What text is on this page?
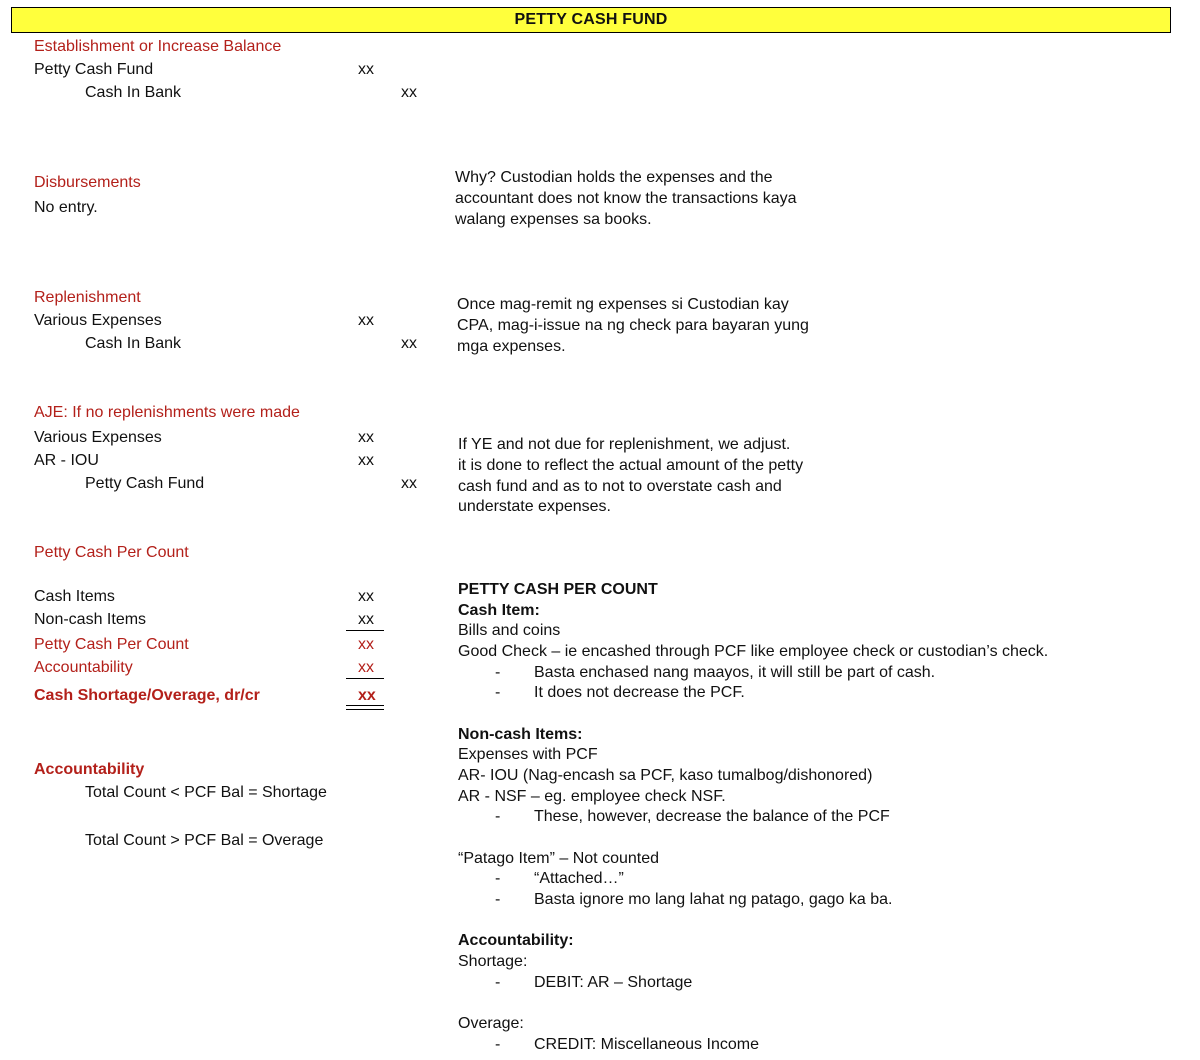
PETTY CASH FUND
Establishment or Increase Balance
Petty Cash Fund	xx
Cash In Bank	xx
Disbursements
No entry.
Why? Custodian holds the expenses and the
accountant does not know the transactions kaya
walang expenses sa books.
Replenishment
Various Expenses	xx
Cash In Bank	xx
Once mag-remit ng expenses si Custodian kay
CPA, mag-i-issue na ng check para bayaran yung
mga expenses.
AJE: If no replenishments were made
Various Expenses	xx
AR - IOU	xx
Petty Cash Fund	xx
If YE and not due for replenishment, we adjust.
it is done to reflect the actual amount of the petty
cash fund and as to not to overstate cash and
understate expenses.
Petty Cash Per Count
Cash Items	xx
Non-cash Items	xx
Petty Cash Per Count	xx
Accountability	xx
Cash Shortage/Overage, dr/cr	xx
Accountability
Total Count < PCF Bal = Shortage
Total Count > PCF Bal = Overage
PETTY CASH PER COUNT
Cash Item:
Bills and coins
Good Check – ie encashed through PCF like employee check or custodian’s check.
- Basta enchased nang maayos, it will still be part of cash.
- It does not decrease the PCF.
Non-cash Items:
Expenses with PCF
AR- IOU (Nag-encash sa PCF, kaso tumalbog/dishonored)
AR - NSF – eg. employee check NSF.
- These, however, decrease the balance of the PCF
“Patago Item” – Not counted
- “Attached…”
- Basta ignore mo lang lahat ng patago, gago ka ba.
Accountability:
Shortage:
- DEBIT: AR – Shortage
Overage:
- CREDIT: Miscellaneous Income
